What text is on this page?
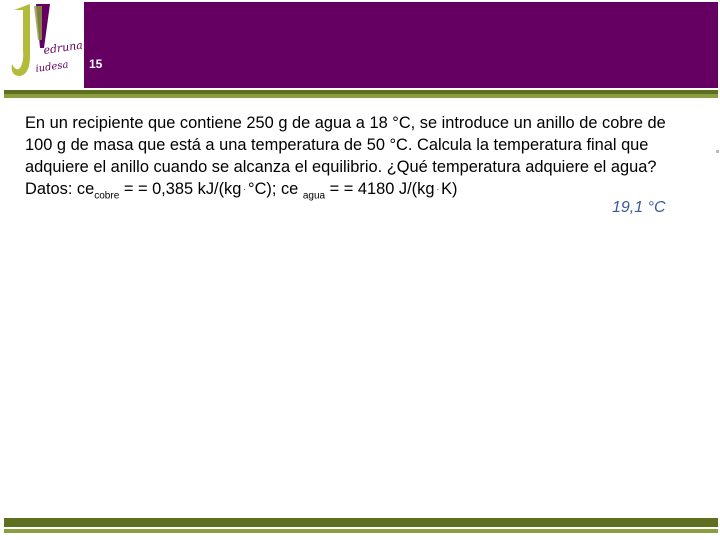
edruna
iudesa 15

En un recipiente que contiene 250 g de agua a 18 °C, se introduce un anillo de cobre de 100 g de masa que está a una temperatura de 50 °C. Calcula la temperatura final que adquiere el anillo cuando se alcanza el equilibrio. ¿Qué temperatura adquiere el agua?

Datos: $ce_{cobre}$ = = 0,385 kJ/(kg · °C); ce $_{agua}$ = = 4180 J/(kg · K)

19,1 °C
